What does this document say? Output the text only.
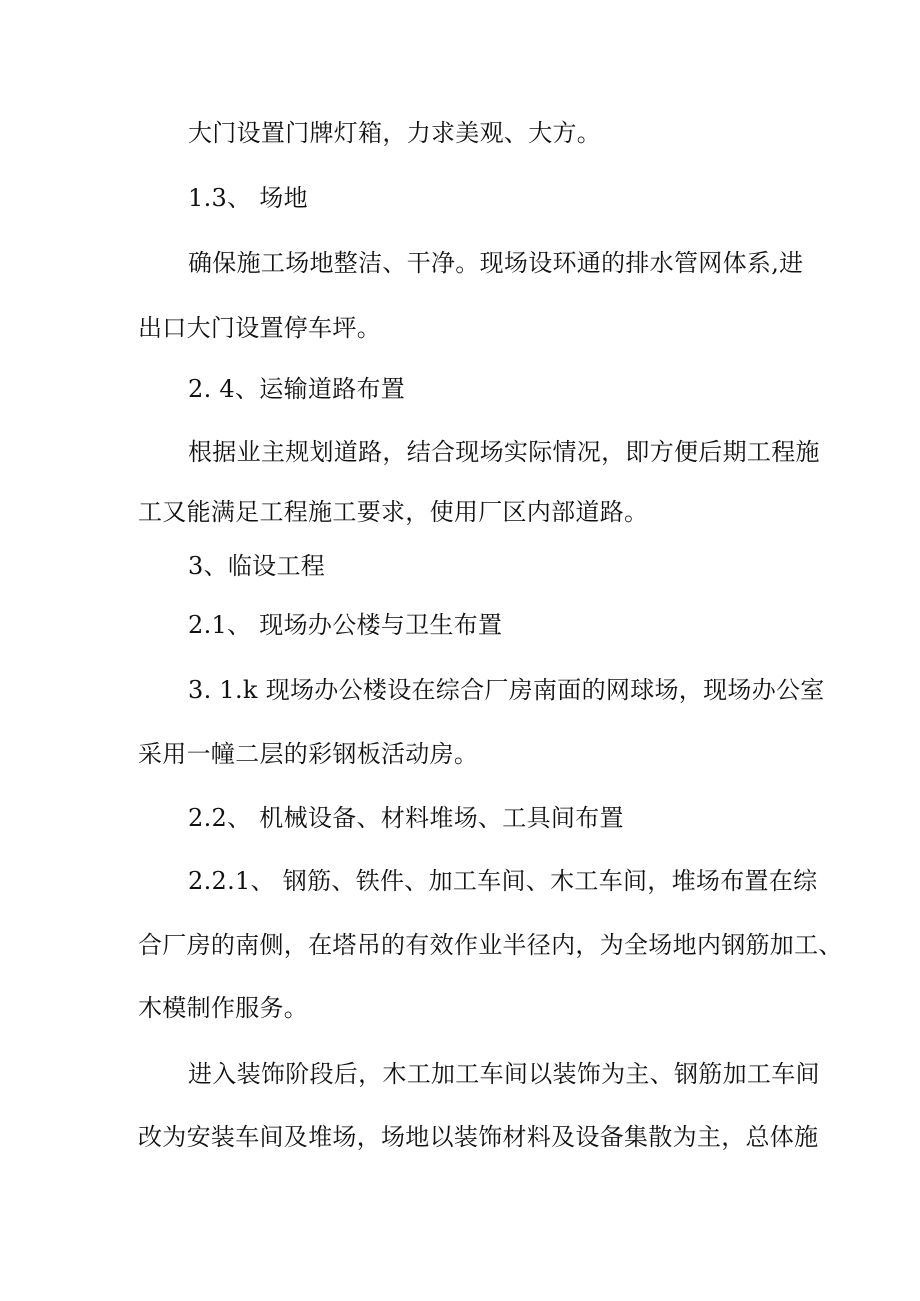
大门设置门牌灯箱，力求美观、大方。
1.3、 场地
确保施工场地整洁、干净。现场设环通的排水管网体系,进
出口大门设置停车坪。
2. 4、运输道路布置
根据业主规划道路，结合现场实际情况，即方便后期工程施
工又能满足工程施工要求，使用厂区内部道路。
3、临设工程
2.1、 现场办公楼与卫生布置
3. 1.k 现场办公楼设在综合厂房南面的网球场，现场办公室
采用一幢二层的彩钢板活动房。
2.2、 机械设备、材料堆场、工具间布置
2.2.1、 钢筋、铁件、加工车间、木工车间，堆场布置在综
合厂房的南侧，在塔吊的有效作业半径内，为全场地内钢筋加工、
木模制作服务。
进入装饰阶段后，木工加工车间以装饰为主、钢筋加工车间
改为安装车间及堆场，场地以装饰材料及设备集散为主，总体施
